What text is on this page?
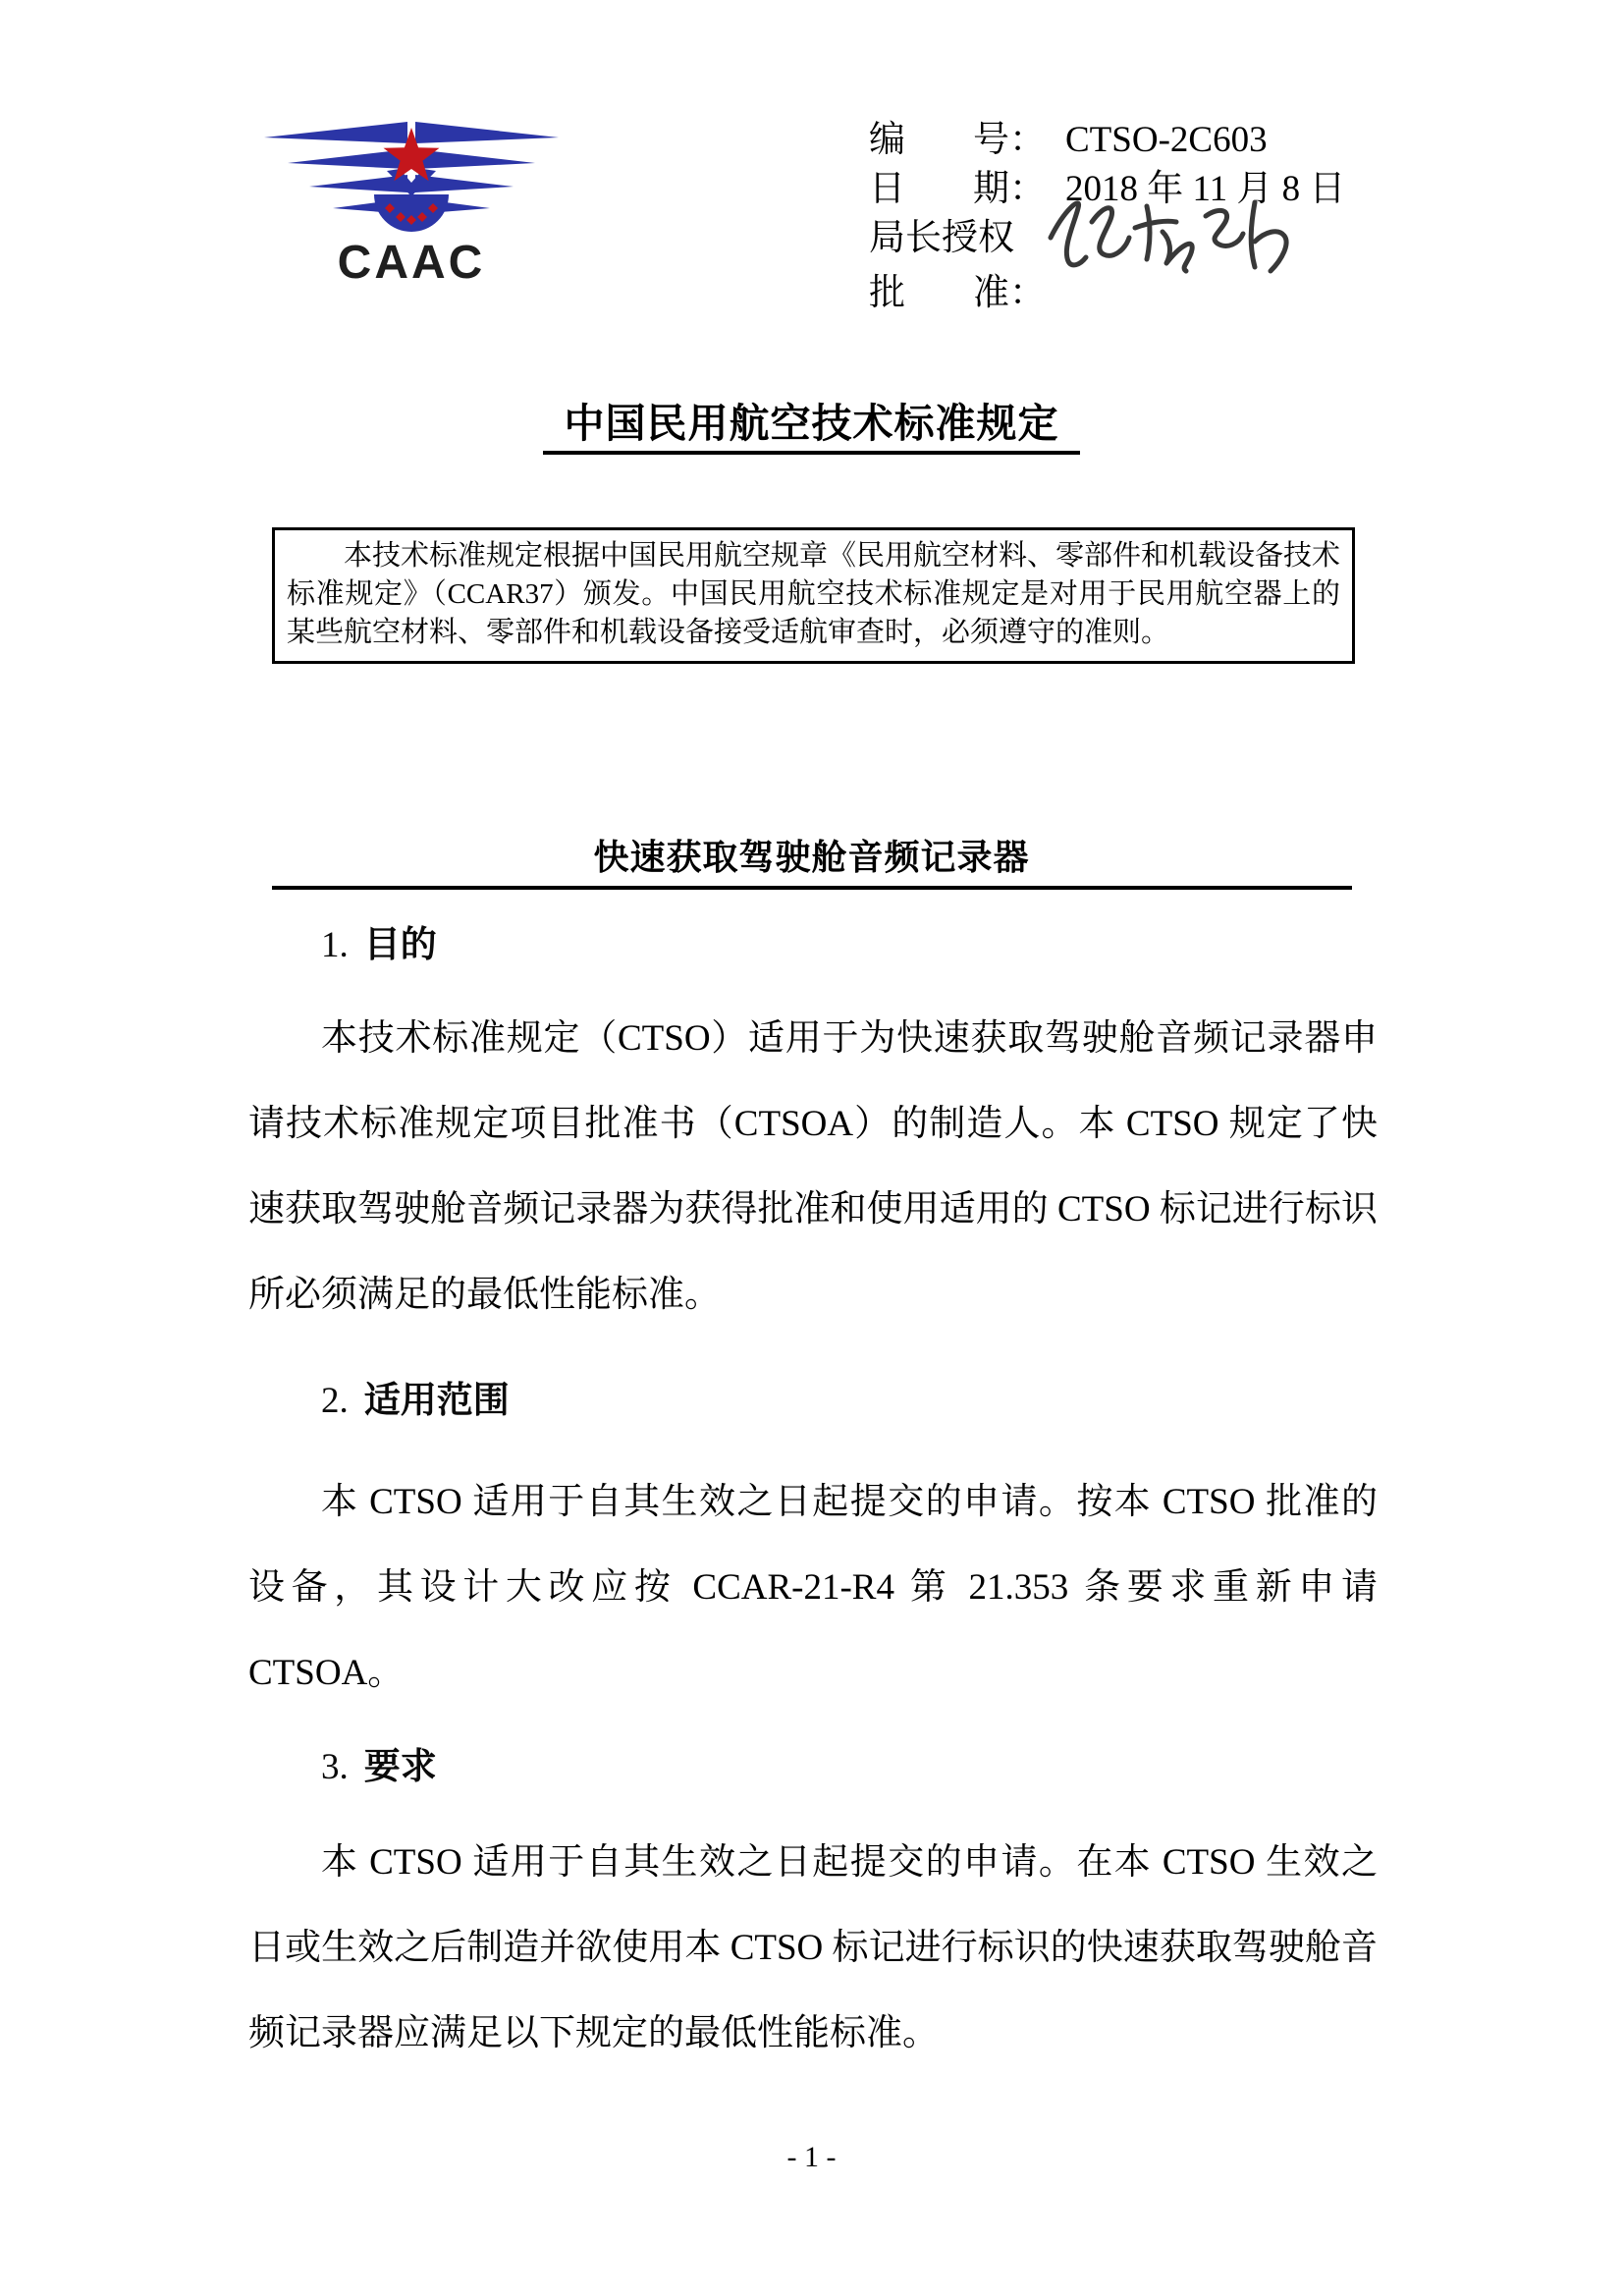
CAAC
编 号： CTSO-2C603
日 期： 2018 年 11 月 8 日
局长授权
批 准：
中国民用航空技术标准规定

本技术标准规定根据中国民用航空规章《民用航空材料、零部件和机载设备技术标准规定》（CCAR37）颁发。中国民用航空技术标准规定是对用于民用航空器上的某些航空材料、零部件和机载设备接受适航审查时，必须遵守的准则。

快速获取驾驶舱音频记录器
1. 目的

本技术标准规定（CTSO）适用于为快速获取驾驶舱音频记录器申请技术标准规定项目批准书（CTSOA）的制造人。本 CTSO 规定了快速获取驾驶舱音频记录器为获得批准和使用适用的 CTSO 标记进行标识所必须满足的最低性能标准。

2. 适用范围

本 CTSO 适用于自其生效之日起提交的申请。按本 CTSO 批准的设备，其设计大改应按 CCAR-21-R4 第 21.353 条要求重新申请 CTSOA。

3. 要求

本 CTSO 适用于自其生效之日起提交的申请。在本 CTSO 生效之日或生效之后制造并欲使用本 CTSO 标记进行标识的快速获取驾驶舱音频记录器应满足以下规定的最低性能标准。

- 1 -
